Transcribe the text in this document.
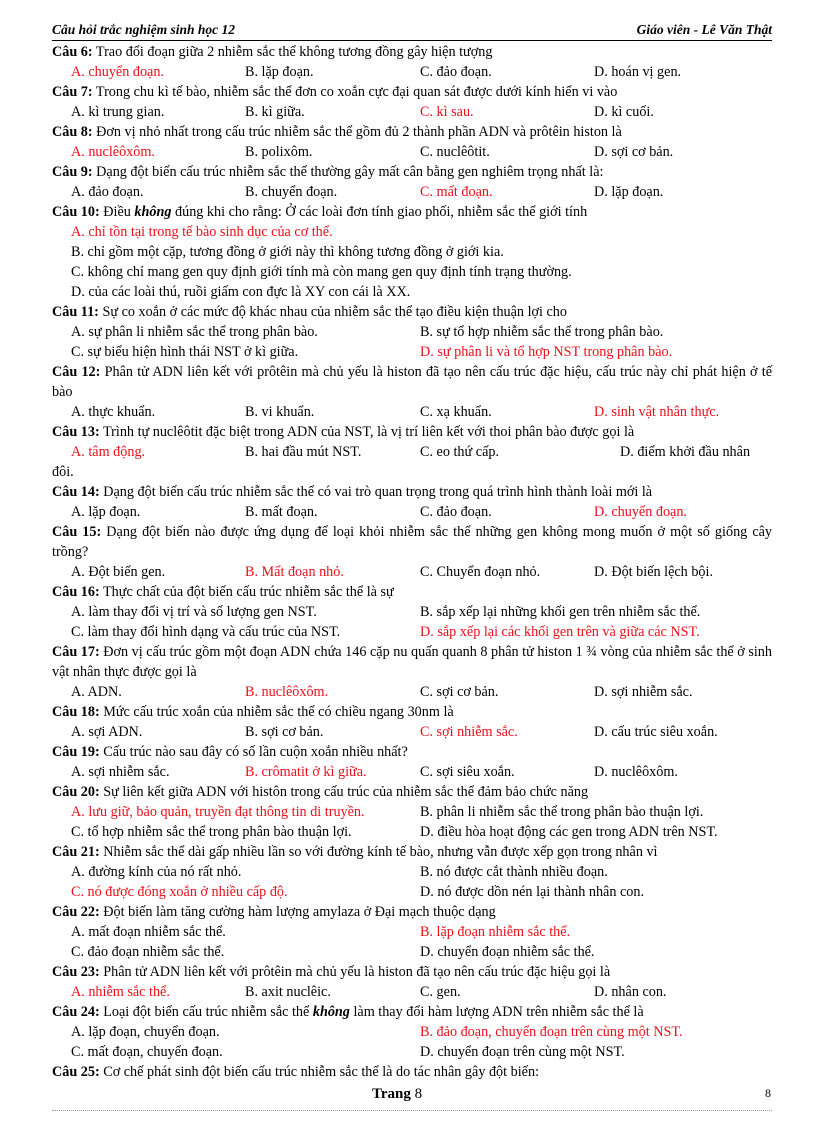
Câu hỏi trắc nghiệm sinh học 12	Giáo viên - Lê Văn Thật
Câu 6: Trao đổi đoạn giữa 2 nhiễm sắc thể không tương đồng gây hiện tượng
A. chuyển đoạn.	B. lặp đoạn.	C. đảo đoạn.	D. hoán vị gen.
Câu 7: Trong chu kì tế bào, nhiễm sắc thể đơn co xoắn cực đại quan sát được dưới kính hiển vi vào
A. kì trung gian.	B. kì giữa.	C. kì sau.	D. kì cuối.
Câu 8: Đơn vị nhỏ nhất trong cấu trúc nhiễm sắc thể gồm đủ 2 thành phần ADN và prôtêin histon là
A. nuclêôxôm.	B. polixôm.	C. nuclêôtit.	D. sợi cơ bản.
Câu 9: Dạng đột biến cấu trúc nhiễm sắc thể thường gây mất cân bằng gen nghiêm trọng nhất là:
A. đảo đoạn.	B. chuyển đoạn.	C. mất đoạn.	D. lặp đoạn.
Câu 10: Điều không đúng khi cho rằng: Ở các loài đơn tính giao phối, nhiễm sắc thể giới tính
A. chỉ tồn tại trong tế bào sinh dục của cơ thể.
B. chỉ gồm một cặp, tương đồng ở giới này thì không tương đồng ở giới kia.
C. không chỉ mang gen quy định giới tính mà còn mang gen quy định tính trạng thường.
D. của các loài thú, ruồi giấm con đực là XY con cái là XX.
Câu 11: Sự co xoắn ở các mức độ khác nhau của nhiễm sắc thể tạo điều kiện thuận lợi cho
A. sự phân li nhiễm sắc thể trong phân bào.	B. sự tổ hợp nhiễm sắc thể trong phân bào.
C. sự biểu hiện hình thái NST ở kì giữa.	D. sự phân li và tổ hợp NST trong phân bào.
Câu 12: Phân tử ADN liên kết với prôtêin mà chủ yếu là histon đã tạo nên cấu trúc đặc hiệu, cấu trúc này chỉ phát hiện ở tế bào
A. thực khuẩn.	B. vi khuẩn.	C. xạ khuẩn.	D. sinh vật nhân thực.
Câu 13: Trình tự nuclêôtit đặc biệt trong ADN của NST, là vị trí liên kết với thoi phân bào được gọi là
A. tâm động.	B. hai đầu mút NST.	C. eo thứ cấp.	D. điểm khởi đầu nhân
đôi.
Câu 14: Dạng đột biến cấu trúc nhiễm sắc thể có vai trò quan trọng trong quá trình hình thành loài mới là
A. lặp đoạn.	B. mất đoạn.	C. đảo đoạn.	D. chuyển đoạn.
Câu 15: Dạng đột biến nào được ứng dụng để loại khỏi nhiễm sắc thể những gen không mong muốn ở một số giống cây trồng?
A. Đột biến gen.	B. Mất đoạn nhỏ.	C. Chuyển đoạn nhỏ.	D. Đột biến lệch bội.
Câu 16: Thực chất của đột biến cấu trúc nhiễm sắc thể là sự
A. làm thay đổi vị trí và số lượng gen NST.	B. sắp xếp lại những khối gen trên nhiễm sắc thể.
C. làm thay đổi hình dạng và cấu trúc của NST.	D. sắp xếp lại các khối gen trên và giữa các NST.
Câu 17: Đơn vị cấu trúc gồm một đoạn ADN chứa 146 cặp nu quấn quanh 8 phân tử histon 1 ¾ vòng của nhiễm sắc thể ở sinh vật nhân thực được gọi là
A. ADN.	B. nuclêôxôm.	C. sợi cơ bản.	D. sợi nhiễm sắc.
Câu 18: Mức cấu trúc xoắn của nhiễm sắc thể có chiều ngang 30nm là
A. sợi ADN.	B. sợi cơ bản.	C. sợi nhiễm sắc.	D. cấu trúc siêu xoắn.
Câu 19: Cấu trúc nào sau đây có số lần cuộn xoắn nhiều nhất?
A. sợi nhiễm sắc.	B. crômatit ở kì giữa.	C. sợi siêu xoắn.	D. nuclêôxôm.
Câu 20: Sự liên kết giữa ADN với histôn trong cấu trúc của nhiễm sắc thể đảm bảo chức năng
A. lưu giữ, bảo quản, truyền đạt thông tin di truyền.	B. phân li nhiễm sắc thể trong phân bào thuận lợi.
C. tổ hợp nhiễm sắc thể trong phân bào thuận lợi.	D. điều hòa hoạt động các gen trong ADN trên NST.
Câu 21: Nhiễm sắc thể dài gấp nhiều lần so với đường kính tế bào, nhưng vẫn được xếp gọn trong nhân vì
A. đường kính của nó rất nhỏ.	B. nó được cắt thành nhiều đoạn.
C. nó được đóng xoắn ở nhiều cấp độ.	D. nó được dồn nén lại thành nhân con.
Câu 22: Đột biến làm tăng cường hàm lượng amylaza ở Đại mạch thuộc dạng
A. mất đoạn nhiễm sắc thể.	B. lặp đoạn nhiễm sắc thể.
C. đảo đoạn nhiễm sắc thể.	D. chuyển đoạn nhiễm sắc thể.
Câu 23: Phân tử ADN liên kết với prôtêin mà chủ yếu là histon đã tạo nên cấu trúc đặc hiệu gọi là
A. nhiễm sắc thể.	B. axit nuclêic.	C. gen.	D. nhân con.
Câu 24: Loại đột biến cấu trúc nhiễm sắc thể không làm thay đổi hàm lượng ADN trên nhiễm sắc thể là
A. lặp đoạn, chuyển đoạn.	B. đảo đoạn, chuyển đoạn trên cùng một NST.
C. mất đoạn, chuyển đoạn.	D. chuyển đoạn trên cùng một NST.
Câu 25: Cơ chế phát sinh đột biến cấu trúc nhiễm sắc thể là do tác nhân gây đột biến:
Trang 8	8
